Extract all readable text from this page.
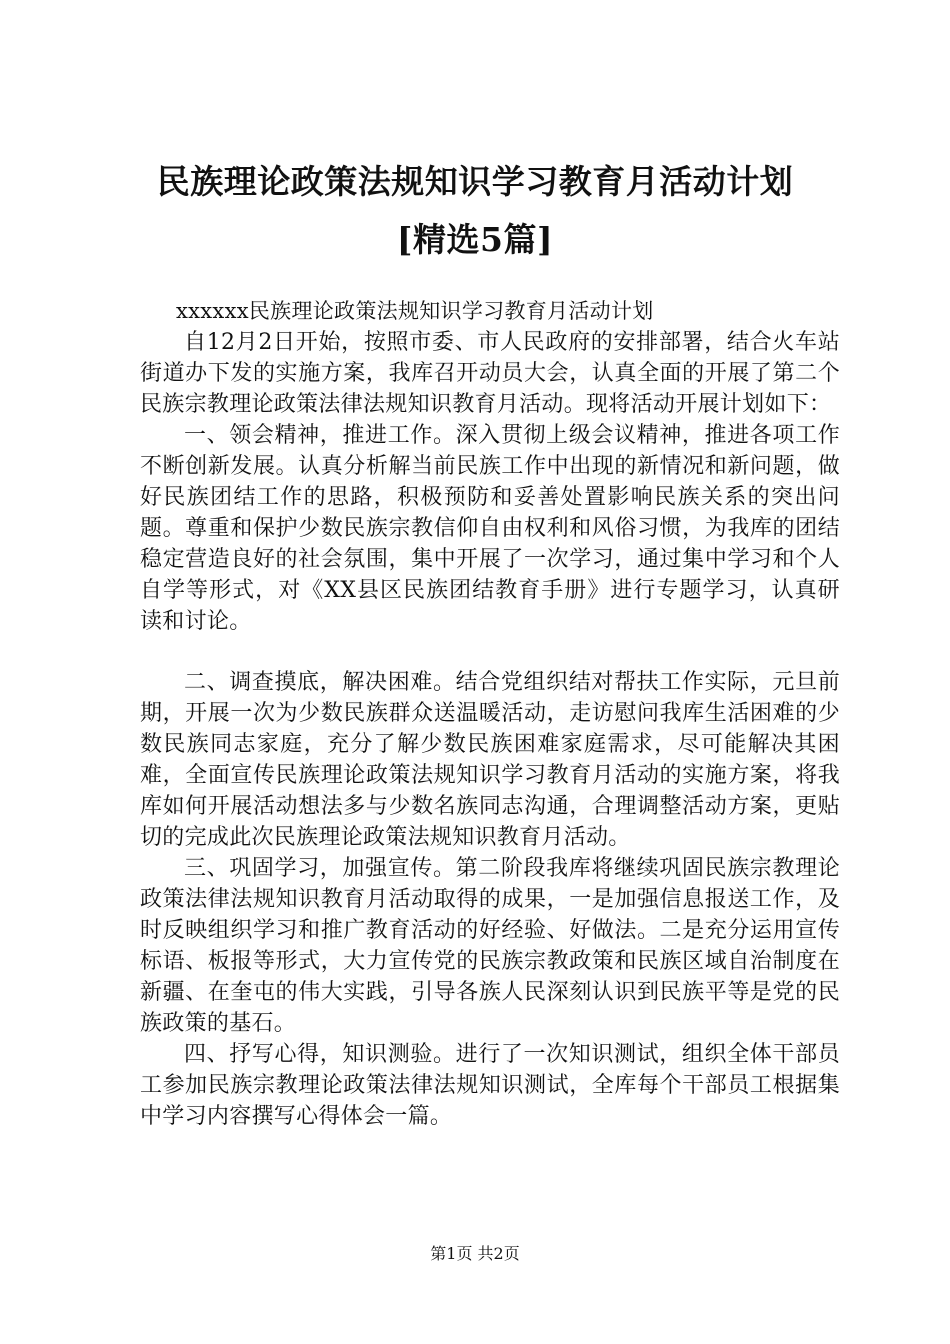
民族理论政策法规知识学习教育月活动计划
[精选5篇]

xxxxxx民族理论政策法规知识学习教育月活动计划

自12月2日开始，按照市委、市人民政府的安排部署，结合火车站街道办下发的实施方案，我库召开动员大会，认真全面的开展了第二个民族宗教理论政策法律法规知识教育月活动。现将活动开展计划如下：

一、领会精神，推进工作。深入贯彻上级会议精神，推进各项工作不断创新发展。认真分析解当前民族工作中出现的新情况和新问题，做好民族团结工作的思路，积极预防和妥善处置影响民族关系的突出问题。尊重和保护少数民族宗教信仰自由权利和风俗习惯，为我库的团结稳定营造良好的社会氛围，集中开展了一次学习，通过集中学习和个人自学等形式，对《XX县区民族团结教育手册》进行专题学习，认真研读和讨论。

二、调查摸底，解决困难。结合党组织结对帮扶工作实际，元旦前期，开展一次为少数民族群众送温暖活动，走访慰问我库生活困难的少数民族同志家庭，充分了解少数民族困难家庭需求，尽可能解决其困难，全面宣传民族理论政策法规知识学习教育月活动的实施方案，将我库如何开展活动想法多与少数名族同志沟通，合理调整活动方案，更贴切的完成此次民族理论政策法规知识教育月活动。

三、巩固学习，加强宣传。第二阶段我库将继续巩固民族宗教理论政策法律法规知识教育月活动取得的成果，一是加强信息报送工作，及时反映组织学习和推广教育活动的好经验、好做法。二是充分运用宣传标语、板报等形式，大力宣传党的民族宗教政策和民族区域自治制度在新疆、在奎屯的伟大实践，引导各族人民深刻认识到民族平等是党的民族政策的基石。

四、抒写心得，知识测验。进行了一次知识测试，组织全体干部员工参加民族宗教理论政策法律法规知识测试，全库每个干部员工根据集中学习内容撰写心得体会一篇。

第1页 共2页
